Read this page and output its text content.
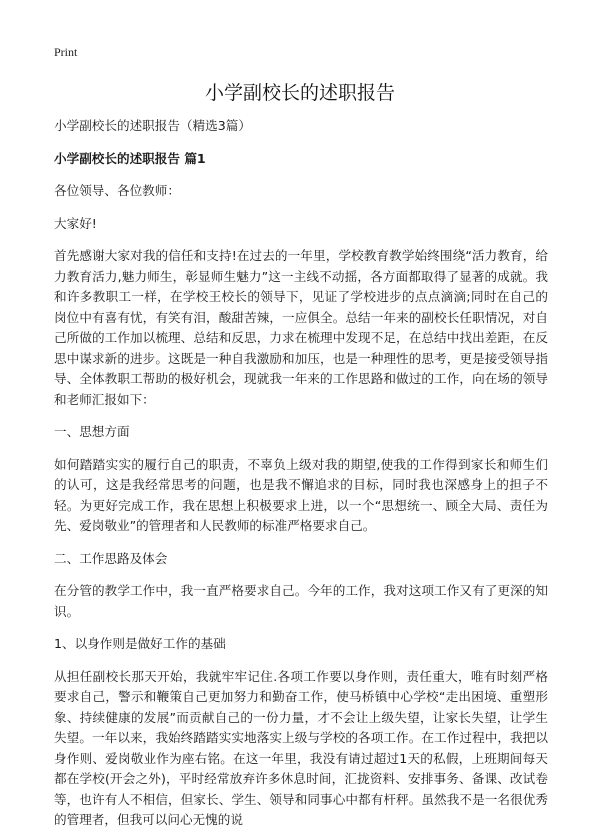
Print
小学副校长的述职报告

小学副校长的述职报告（精选3篇）

小学副校长的述职报告 篇1

各位领导、各位教师：

大家好!

首先感谢大家对我的信任和支持!在过去的一年里，学校教育教学始终围绕“活力教育，给力教育活力,魅力师生，彰显师生魅力”这一主线不动摇，各方面都取得了显著的成就。我和许多教职工一样，在学校王校长的领导下，见证了学校进步的点点滴滴;同时在自己的岗位中有喜有忧，有笑有泪，酸甜苦辣，一应俱全。总结一年来的副校长任职情况，对自己所做的工作加以梳理、总结和反思，力求在梳理中发现不足，在总结中找出差距，在反思中谋求新的进步。这既是一种自我激励和加压，也是一种理性的思考，更是接受领导指导、全体教职工帮助的极好机会，现就我一年来的工作思路和做过的工作，向在场的领导和老师汇报如下：

一、思想方面

如何踏踏实实的履行自己的职责，不辜负上级对我的期望,使我的工作得到家长和师生们的认可，这是我经常思考的问题，也是我不懈追求的目标，同时我也深感身上的担子不轻。为更好完成工作，我在思想上积极要求上进，以一个“思想统一、顾全大局、责任为先、爱岗敬业”的管理者和人民教师的标准严格要求自己。

二、工作思路及体会

在分管的教学工作中，我一直严格要求自己。今年的工作，我对这项工作又有了更深的知识。

1、以身作则是做好工作的基础

从担任副校长那天开始，我就牢牢记住.各项工作要以身作则，责任重大，唯有时刻严格要求自己，警示和鞭策自己更加努力和勤奋工作，使马桥镇中心学校“走出困境、重塑形象、持续健康的发展”而贡献自己的一份力量，才不会让上级失望，让家长失望，让学生失望。一年以来，我始终踏踏实实地落实上级与学校的各项工作。在工作过程中，我把以身作则、爱岗敬业作为座右铭。在这一年里，我没有请过超过1天的私假，上班期间每天都在学校(开会之外)，平时经常放弃许多休息时间，汇拢资料、安排事务、备课、改试卷等，也许有人不相信，但家长、学生、领导和同事心中都有杆秤。虽然我不是一名很优秀的管理者，但我可以问心无愧的说
